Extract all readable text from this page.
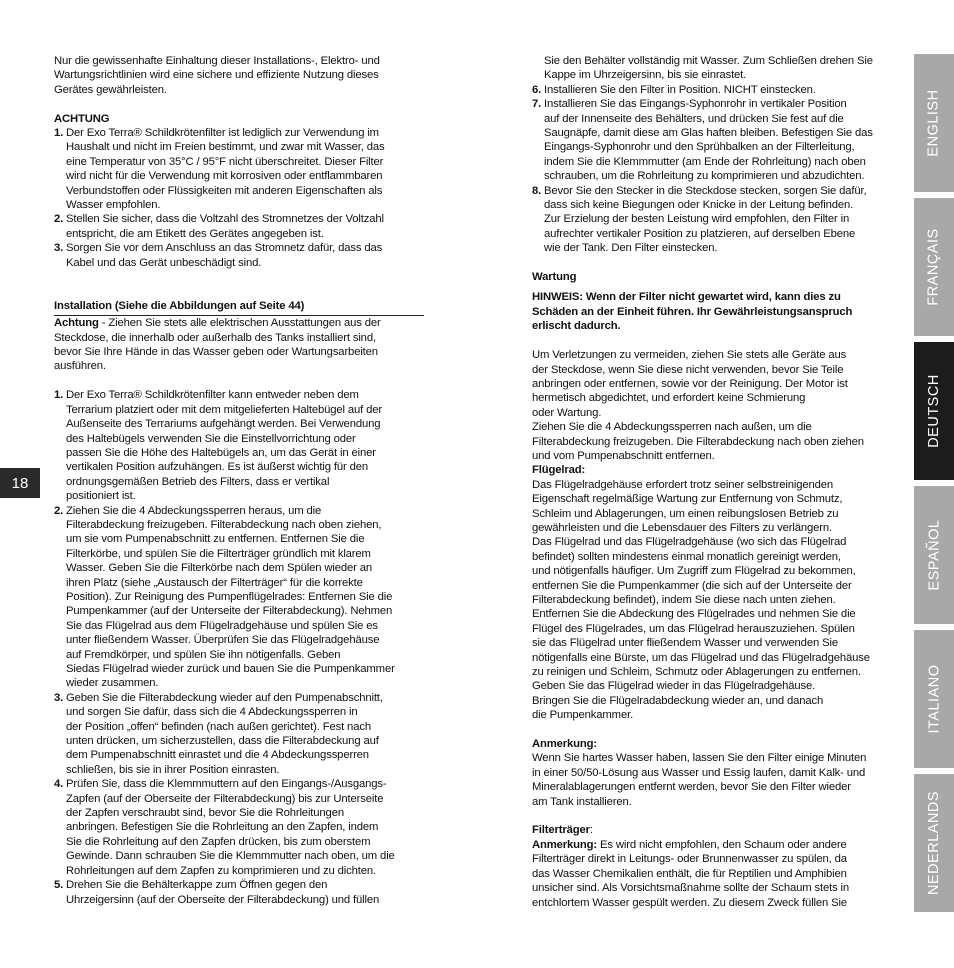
Nur die gewissenhafte Einhaltung dieser Installations-, Elektro- und

Wartungsrichtlinien wird eine sichere und effiziente Nutzung dieses

Gerätes gewährleisten.

ACHTUNG

1. Der Exo Terra® Schildkrötenfilter ist lediglich zur Verwendung im

Haushalt und nicht im Freien bestimmt, und zwar mit Wasser, das

eine Temperatur von 35°C / 95°F nicht überschreitet. Dieser Filter

wird nicht für die Verwendung mit korrosiven oder entflammbaren

Verbundstoffen oder Flüssigkeiten mit anderen Eigenschaften als

Wasser empfohlen.

2. Stellen Sie sicher, dass die Voltzahl des Stromnetzes der Voltzahl

entspricht, die am Etikett des Gerätes angegeben ist.

3. Sorgen Sie vor dem Anschluss an das Stromnetz dafür, dass das

Kabel und das Gerät unbeschädigt sind.

Installation (Siehe die Abbildungen auf Seite 44)

Achtung - Ziehen Sie stets alle elektrischen Ausstattungen aus der

Steckdose, die innerhalb oder außerhalb des Tanks installiert sind,

bevor Sie Ihre Hände in das Wasser geben oder Wartungsarbeiten

ausführen.

1. Der Exo Terra® Schildkrötenfilter kann entweder neben dem

Terrarium platziert oder mit dem mitgelieferten Haltebügel auf der

Außenseite des Terrariums aufgehängt werden. Bei Verwendung

des Haltebügels verwenden Sie die Einstellvorrichtung oder

passen Sie die Höhe des Haltebügels an, um das Gerät in einer

vertikalen Position aufzuhängen. Es ist äußerst wichtig für den

ordnungsgemäßen Betrieb des Filters, dass er vertikal

positioniert ist.

2. Ziehen Sie die 4 Abdeckungssperren heraus, um die

Filterabdeckung freizugeben. Filterabdeckung nach oben ziehen,

um sie vom Pumpenabschnitt zu entfernen. Entfernen Sie die

Filterkörbe, und spülen Sie die Filterträger gründlich mit klarem

Wasser. Geben Sie die Filterkörbe nach dem Spülen wieder an

ihren Platz (siehe „Austausch der Filterträger“ für die korrekte

Position). Zur Reinigung des Pumpenflügelrades: Entfernen Sie die

Pumpenkammer (auf der Unterseite der Filterabdeckung). Nehmen

Sie das Flügelrad aus dem Flügelradgehäuse und spülen Sie es

unter fließendem Wasser. Überprüfen Sie das Flügelradgehäuse

auf Fremdkörper, und spülen Sie ihn nötigenfalls. Geben

Siedas Flügelrad wieder zurück und bauen Sie die Pumpenkammer

wieder zusammen.

3. Geben Sie die Filterabdeckung wieder auf den Pumpenabschnitt,

und sorgen Sie dafür, dass sich die 4 Abdeckungssperren in

der Position „offen“ befinden (nach außen gerichtet). Fest nach

unten drücken, um sicherzustellen, dass die Filterabdeckung auf

dem Pumpenabschnitt einrastet und die 4 Abdeckungssperren

schließen, bis sie in ihrer Position einrasten.

4. Prüfen Sie, dass die Klemmmuttern auf den Eingangs-/Ausgangs-

Zapfen (auf der Oberseite der Filterabdeckung) bis zur Unterseite

der Zapfen verschraubt sind, bevor Sie die Rohrleitungen

anbringen. Befestigen Sie die Rohrleitung an den Zapfen, indem

Sie die Rohrleitung auf den Zapfen drücken, bis zum oberstem

Gewinde. Dann schrauben Sie die Klemmmutter nach oben, um die

Rohrleitungen auf dem Zapfen zu komprimieren und zu dichten.

5. Drehen Sie die Behälterkappe zum Öffnen gegen den

Uhrzeigersinn (auf der Oberseite der Filterabdeckung) und füllen

Sie den Behälter vollständig mit Wasser. Zum Schließen drehen Sie

Kappe im Uhrzeigersinn, bis sie einrastet.

6. Installieren Sie den Filter in Position. NICHT einstecken.

7. Installieren Sie das Eingangs-Syphonrohr in vertikaler Position

auf der Innenseite des Behälters, und drücken Sie fest auf die

Saugnäpfe, damit diese am Glas haften bleiben. Befestigen Sie das

Eingangs-Syphonrohr und den Sprühbalken an der Filterleitung,

indem Sie die Klemmmutter (am Ende der Rohrleitung) nach oben

schrauben, um die Rohrleitung zu komprimieren und abzudichten.

8. Bevor Sie den Stecker in die Steckdose stecken, sorgen Sie dafür,

dass sich keine Biegungen oder Knicke in der Leitung befinden.

Zur Erzielung der besten Leistung wird empfohlen, den Filter in

aufrechter vertikaler Position zu platzieren, auf derselben Ebene

wie der Tank. Den Filter einstecken.

Wartung

HINWEIS: Wenn der Filter nicht gewartet wird, kann dies zu

Schäden an der Einheit führen. Ihr Gewährleistungsanspruch

erlischt dadurch.

Um Verletzungen zu vermeiden, ziehen Sie stets alle Geräte aus

der Steckdose, wenn Sie diese nicht verwenden, bevor Sie Teile

anbringen oder entfernen, sowie vor der Reinigung. Der Motor ist

hermetisch abgedichtet, und erfordert keine Schmierung

oder Wartung.

Ziehen Sie die 4 Abdeckungssperren nach außen, um die

Filterabdeckung freizugeben. Die Filterabdeckung nach oben ziehen

und vom Pumpenabschnitt entfernen.

Flügelrad:

Das Flügelradgehäuse erfordert trotz seiner selbstreinigenden

Eigenschaft regelmäßige Wartung zur Entfernung von Schmutz,

Schleim und Ablagerungen, um einen reibungslosen Betrieb zu

gewährleisten und die Lebensdauer des Filters zu verlängern.

Das Flügelrad und das Flügelradgehäuse (wo sich das Flügelrad

befindet) sollten mindestens einmal monatlich gereinigt werden,

und nötigenfalls häufiger. Um Zugriff zum Flügelrad zu bekommen,

entfernen Sie die Pumpenkammer (die sich auf der Unterseite der

Filterabdeckung befindet), indem Sie diese nach unten ziehen.

Entfernen Sie die Abdeckung des Flügelrades und nehmen Sie die

Flügel des Flügelrades, um das Flügelrad herauszuziehen. Spülen

sie das Flügelrad unter fließendem Wasser und verwenden Sie

nötigenfalls eine Bürste, um das Flügelrad und das Flügelradgehäuse

zu reinigen und Schleim, Schmutz oder Ablagerungen zu entfernen.

Geben Sie das Flügelrad wieder in das Flügelradgehäuse.

Bringen Sie die Flügelradabdeckung wieder an, und danach

die Pumpenkammer.

Anmerkung:

Wenn Sie hartes Wasser haben, lassen Sie den Filter einige Minuten

in einer 50/50-Lösung aus Wasser und Essig laufen, damit Kalk- und

Mineralablagerungen entfernt werden, bevor Sie den Filter wieder

am Tank installieren.

Filterträger:

Anmerkung: Es wird nicht empfohlen, den Schaum oder andere

Filterträger direkt in Leitungs- oder Brunnenwasser zu spülen, da

das Wasser Chemikalien enthält, die für Reptilien und Amphibien

unsicher sind. Als Vorsichtsmaßnahme sollte der Schaum stets in

entchlortem Wasser gespült werden. Zu diesem Zweck füllen Sie

18
ENGLISH
FRANÇAIS
DEUTSCH
ESPAÑOL
ITALIANO
NEDERLANDS
